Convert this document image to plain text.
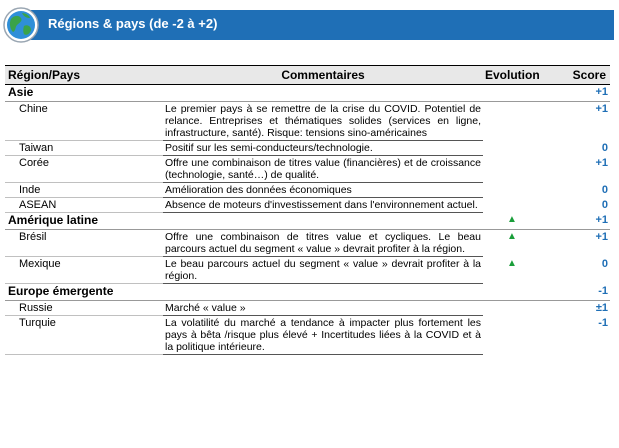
Régions & pays (de -2 à +2)
Région/Pays	Commentaires	Evolution	Score
Asie			+1
Chine	Le premier pays à se remettre de la crise du COVID. Potentiel de relance. Entreprises et thématiques solides (services en ligne, infrastructure, santé). Risque: tensions sino-américaines		+1
Taiwan	Positif sur les semi-conducteurs/technologie.		0
Corée	Offre une combinaison de titres value (financières) et de croissance (technologie, santé…) de qualité.		+1
Inde	Amélioration des données économiques		0
ASEAN	Absence de moteurs d'investissement dans l'environnement actuel.		0
Amérique latine		▲	+1
Brésil	Offre une combinaison de titres value et cycliques. Le beau parcours actuel du segment « value » devrait profiter à la région.	▲	+1
Mexique	Le beau parcours actuel du segment « value » devrait profiter à la région.	▲	0
Europe émergente			-1
Russie	Marché « value »		±1
Turquie	La volatilité du marché a tendance à impacter plus fortement les pays à bêta /risque plus élevé + Incertitudes liées à la COVID et à la politique intérieure.		-1
